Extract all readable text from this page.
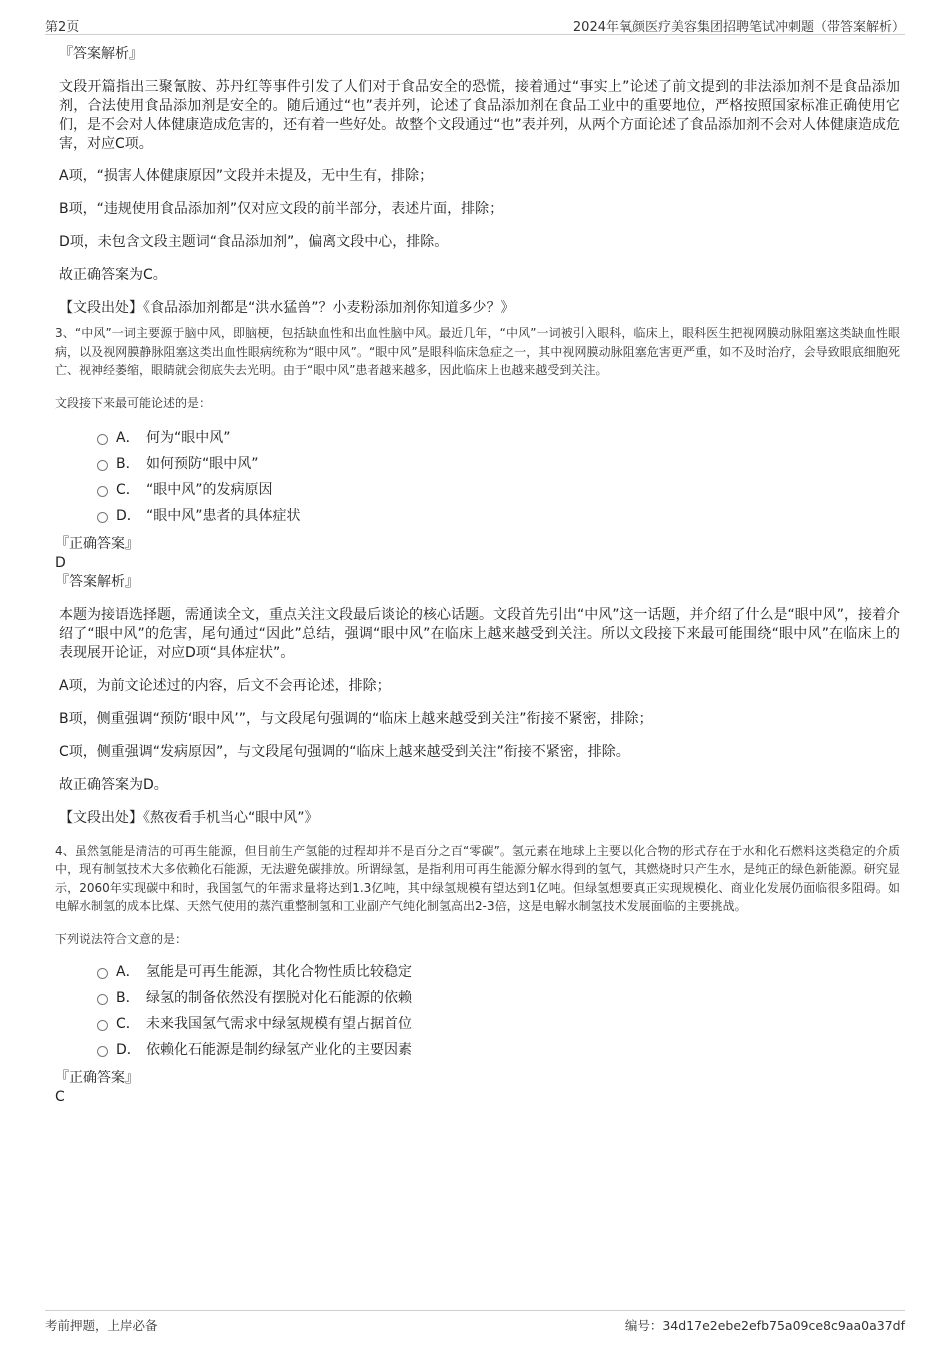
第2页	2024年氧颜医疗美容集团招聘笔试冲刺题（带答案解析）

『答案解析』

文段开篇指出三聚氰胺、苏丹红等事件引发了人们对于食品安全的恐慌，接着通过“事实上”论述了前文提到的非法添加剂不是食品添加剂，合法使用食品添加剂是安全的。随后通过“也”表并列，论述了食品添加剂在食品工业中的重要地位，严格按照国家标准正确使用它们，是不会对人体健康造成危害的，还有着一些好处。故整个文段通过“也”表并列，从两个方面论述了食品添加剂不会对人体健康造成危害，对应C项。

A项，“损害人体健康原因”文段并未提及，无中生有，排除；

B项，“违规使用食品添加剂”仅对应文段的前半部分，表述片面，排除；

D项，未包含文段主题词“食品添加剂”，偏离文段中心，排除。

故正确答案为C。

【文段出处】《食品添加剂都是“洪水猛兽”？小麦粉添加剂你知道多少？》

3、“中风”一词主要源于脑中风，即脑梗，包括缺血性和出血性脑中风。最近几年，“中风”一词被引入眼科，临床上，眼科医生把视网膜动脉阻塞这类缺血性眼病，以及视网膜静脉阻塞这类出血性眼病统称为“眼中风”。“眼中风”是眼科临床急症之一，其中视网膜动脉阻塞危害更严重，如不及时治疗，会导致眼底细胞死亡、视神经萎缩，眼睛就会彻底失去光明。由于“眼中风”患者越来越多，因此临床上也越来越受到关注。

文段接下来最可能论述的是：

A． 何为“眼中风”
B． 如何预防“眼中风”
C． “眼中风”的发病原因
D． “眼中风”患者的具体症状

『正确答案』

D

『答案解析』

本题为接语选择题，需通读全文，重点关注文段最后谈论的核心话题。文段首先引出“中风”这一话题，并介绍了什么是“眼中风”，接着介绍了“眼中风”的危害，尾句通过“因此”总结，强调“眼中风”在临床上越来越受到关注。所以文段接下来最可能围绕“眼中风”在临床上的表现展开论证，对应D项“具体症状”。

A项，为前文论述过的内容，后文不会再论述，排除；

B项，侧重强调“预防‘眼中风’”，与文段尾句强调的“临床上越来越受到关注”衔接不紧密，排除；

C项，侧重强调“发病原因”，与文段尾句强调的“临床上越来越受到关注”衔接不紧密，排除。

故正确答案为D。

【文段出处】《熬夜看手机当心“眼中风”》

4、虽然氢能是清洁的可再生能源，但目前生产氢能的过程却并不是百分之百“零碳”。氢元素在地球上主要以化合物的形式存在于水和化石燃料这类稳定的介质中，现有制氢技术大多依赖化石能源，无法避免碳排放。所谓绿氢，是指利用可再生能源分解水得到的氢气，其燃烧时只产生水，是纯正的绿色新能源。研究显示，2060年实现碳中和时，我国氢气的年需求量将达到1.3亿吨，其中绿氢规模有望达到1亿吨。但绿氢想要真正实现规模化、商业化发展仍面临很多阻碍。如电解水制氢的成本比煤、天然气使用的蒸汽重整制氢和工业副产气纯化制氢高出2-3倍，这是电解水制氢技术发展面临的主要挑战。

下列说法符合文意的是：

A． 氢能是可再生能源，其化合物性质比较稳定
B． 绿氢的制备依然没有摆脱对化石能源的依赖
C． 未来我国氢气需求中绿氢规模有望占据首位
D． 依赖化石能源是制约绿氢产业化的主要因素

『正确答案』

C

考前押题，上岸必备	编号：34d17e2ebe2efb75a09ce8c9aa0a37df
